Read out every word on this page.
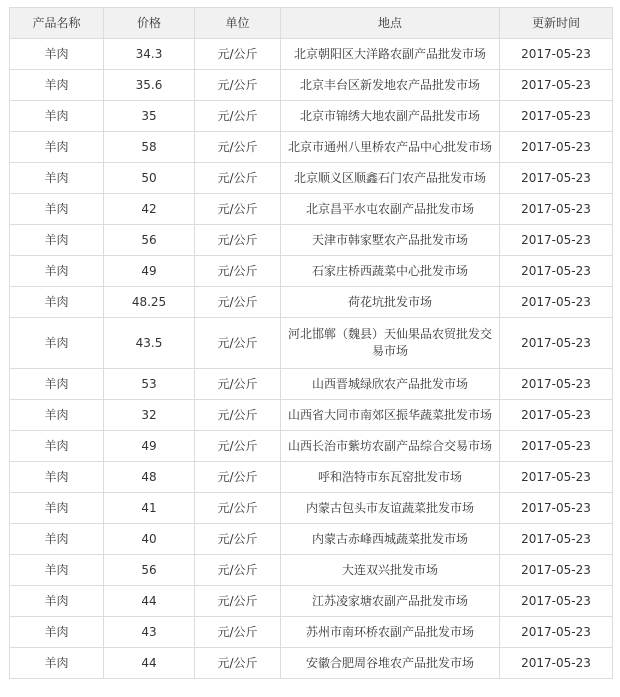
产品名称	价格	单位	地点	更新时间
羊肉	34.3	元/公斤	北京朝阳区大洋路农副产品批发市场	2017-05-23
羊肉	35.6	元/公斤	北京丰台区新发地农产品批发市场	2017-05-23
羊肉	35	元/公斤	北京市锦绣大地农副产品批发市场	2017-05-23
羊肉	58	元/公斤	北京市通州八里桥农产品中心批发市场	2017-05-23
羊肉	50	元/公斤	北京顺义区顺鑫石门农产品批发市场	2017-05-23
羊肉	42	元/公斤	北京昌平水屯农副产品批发市场	2017-05-23
羊肉	56	元/公斤	天津市韩家墅农产品批发市场	2017-05-23
羊肉	49	元/公斤	石家庄桥西蔬菜中心批发市场	2017-05-23
羊肉	48.25	元/公斤	荷花坑批发市场	2017-05-23
羊肉	43.5	元/公斤	河北邯郸（魏县）天仙果品农贸批发交易市场	2017-05-23
羊肉	53	元/公斤	山西晋城绿欣农产品批发市场	2017-05-23
羊肉	32	元/公斤	山西省大同市南郊区振华蔬菜批发市场	2017-05-23
羊肉	49	元/公斤	山西长治市紫坊农副产品综合交易市场	2017-05-23
羊肉	48	元/公斤	呼和浩特市东瓦窑批发市场	2017-05-23
羊肉	41	元/公斤	内蒙古包头市友谊蔬菜批发市场	2017-05-23
羊肉	40	元/公斤	内蒙古赤峰西城蔬菜批发市场	2017-05-23
羊肉	56	元/公斤	大连双兴批发市场	2017-05-23
羊肉	44	元/公斤	江苏凌家塘农副产品批发市场	2017-05-23
羊肉	43	元/公斤	苏州市南环桥农副产品批发市场	2017-05-23
羊肉	44	元/公斤	安徽合肥周谷堆农产品批发市场	2017-05-23
